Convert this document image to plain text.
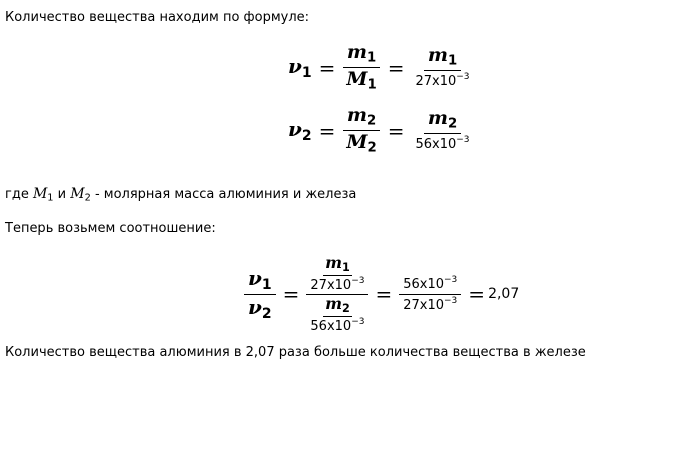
Количество вещества находим по формуле:
$\nu_1 = \frac{m_1}{M_1} = \frac{m_1}{27x10^{-3}}$
$\nu_2 = \frac{m_2}{M_2} = \frac{m_2}{56x10^{-3}}$
где $M_1$ и $M_2$ - молярная масса алюминия и железа
Теперь возьмем соотношение:
$\frac{\nu_1}{\nu_2} = \frac{\frac{m_1}{27x10^{-3}}}{\frac{m_2}{56x10^{-3}}} = \frac{56x10^{-3}}{27x10^{-3}} = 2,07$
Количество вещества алюминия в 2,07 раза больше количества вещества в железе
